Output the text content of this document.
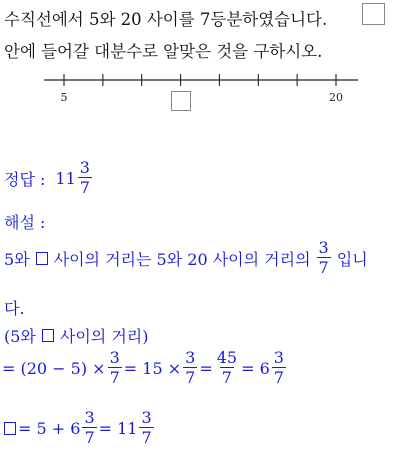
수직선에서 5와 20 사이를 7등분하였습니다.
안에 들어갈 대분수로 알맞은 것을 구하시오.
5	20
정답 : $11 \frac{3}{7}$
해설 :
5와 사이의 거리는 5와 20 사이의 거리의 $\frac{3}{7}$ 입니
다.
(5와 사이의 거리)
= $(20 - 5) \times \frac{3}{7} = 15 \times \frac{3}{7} = \frac{45}{7} = 6 \frac{3}{7}$
= $5 + 6 \frac{3}{7} = 11 \frac{3}{7}$
